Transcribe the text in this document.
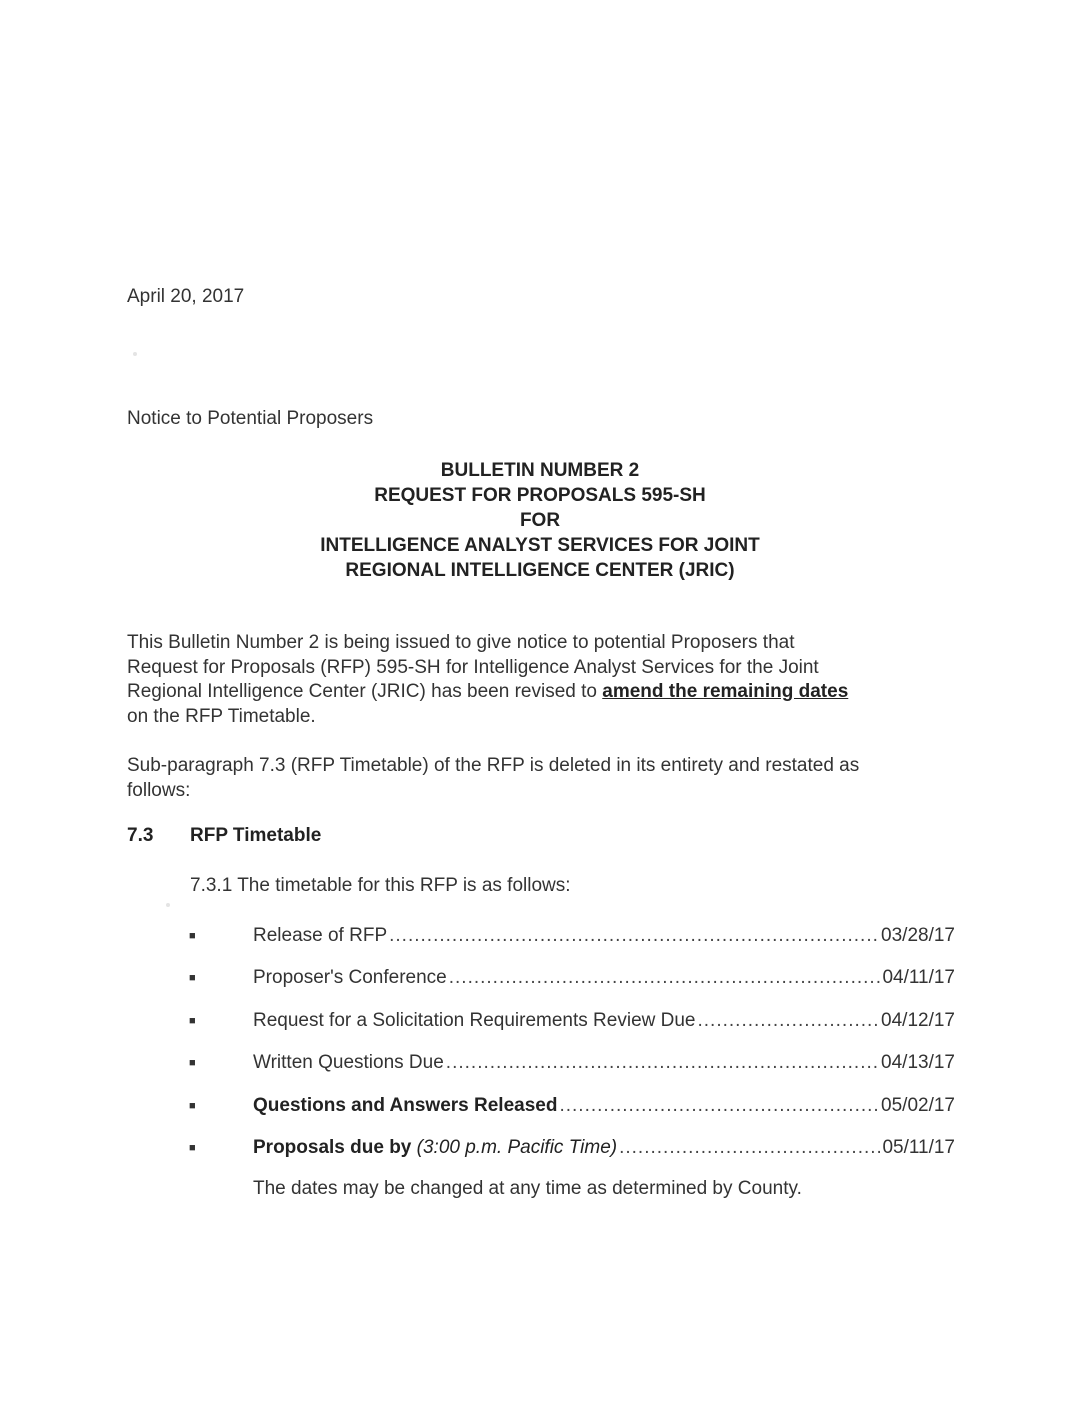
April 20, 2017
Notice to Potential Proposers
BULLETIN NUMBER 2
REQUEST FOR PROPOSALS 595-SH
FOR
INTELLIGENCE ANALYST SERVICES FOR JOINT
REGIONAL INTELLIGENCE CENTER (JRIC)
This Bulletin Number 2 is being issued to give notice to potential Proposers that
Request for Proposals (RFP) 595-SH for Intelligence Analyst Services for the Joint
Regional Intelligence Center (JRIC) has been revised to amend the remaining dates
on the RFP Timetable.
Sub-paragraph 7.3 (RFP Timetable) of the RFP is deleted in its entirety and restated as
follows:
7.3 RFP Timetable
7.3.1 The timetable for this RFP is as follows:
■	Release of RFP .....	03/28/17
■	Proposer's Conference .....	04/11/17
■	Request for a Solicitation Requirements Review Due .....	04/12/17
■	Written Questions Due .....	04/13/17
■	Questions and Answers Released .....	05/02/17
■	Proposals due by (3:00 p.m. Pacific Time) .....	05/11/17
The dates may be changed at any time as determined by County.
